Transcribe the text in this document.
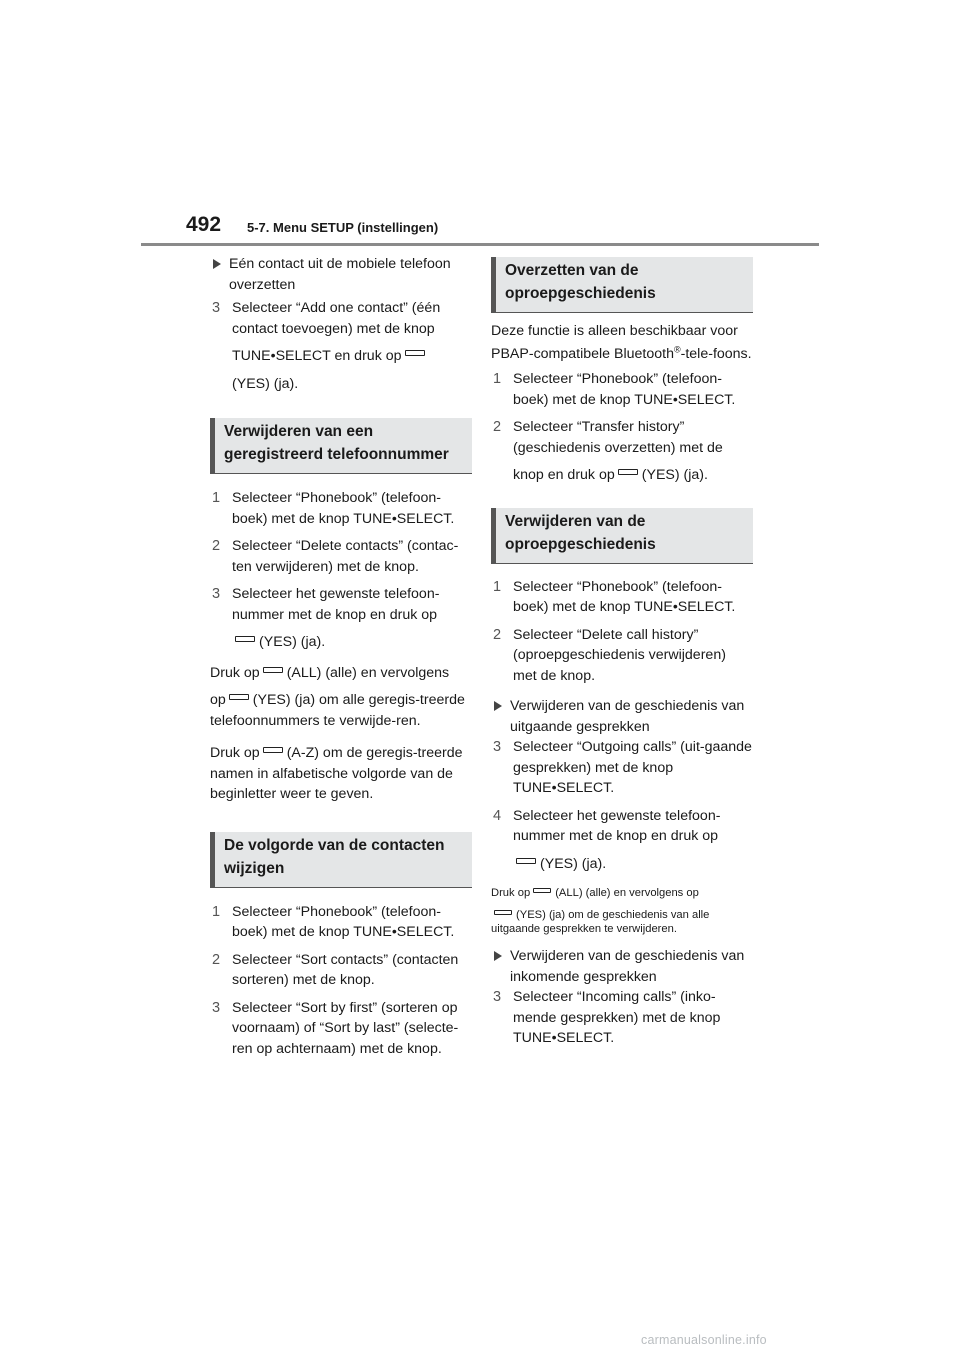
492 5-7. Menu SETUP (instellingen)

Eén contact uit de mobiele telefoon overzetten

3 Selecteer “Add one contact” (één contact toevoegen) met de knop

TUNE•SELECT en druk op

(YES) (ja).

Verwijderen van een geregistreerd telefoonnummer

1 Selecteer “Phonebook” (telefoon-boek) met de knop TUNE•SELECT.

2 Selecteer “Delete contacts” (contac-ten verwijderen) met de knop.

3 Selecteer het gewenste telefoon-nummer met de knop en druk op

(YES) (ja).

Druk op (ALL) (alle) en vervolgens

op (YES) (ja) om alle geregis-treerde telefoonnummers te verwijde-ren.

Druk op (A-Z) om de geregis-treerde namen in alfabetische volgorde van de beginletter weer te geven.

De volgorde van de contacten wijzigen

1 Selecteer “Phonebook” (telefoon-boek) met de knop TUNE•SELECT.

2 Selecteer “Sort contacts” (contacten sorteren) met de knop.

3 Selecteer “Sort by first” (sorteren op voornaam) of “Sort by last” (selecte-ren op achternaam) met de knop.

Overzetten van de oproepgeschiedenis

Deze functie is alleen beschikbaar voor PBAP-compatibele Bluetooth®-tele-foons.

1 Selecteer “Phonebook” (telefoon-boek) met de knop TUNE•SELECT.

2 Selecteer “Transfer history” (geschiedenis overzetten) met de

knop en druk op (YES) (ja).

Verwijderen van de oproepgeschiedenis

1 Selecteer “Phonebook” (telefoon-boek) met de knop TUNE•SELECT.

2 Selecteer “Delete call history” (oproepgeschiedenis verwijderen) met de knop.

Verwijderen van de geschiedenis van uitgaande gesprekken

3 Selecteer “Outgoing calls” (uit-gaande gesprekken) met de knop TUNE•SELECT.

4 Selecteer het gewenste telefoon-nummer met de knop en druk op

(YES) (ja).

Druk op (ALL) (alle) en vervolgens op

(YES) (ja) om de geschiedenis van alle uitgaande gesprekken te verwijderen.

Verwijderen van de geschiedenis van inkomende gesprekken

3 Selecteer “Incoming calls” (inko-mende gesprekken) met de knop TUNE•SELECT.

carmanualsonline.info
